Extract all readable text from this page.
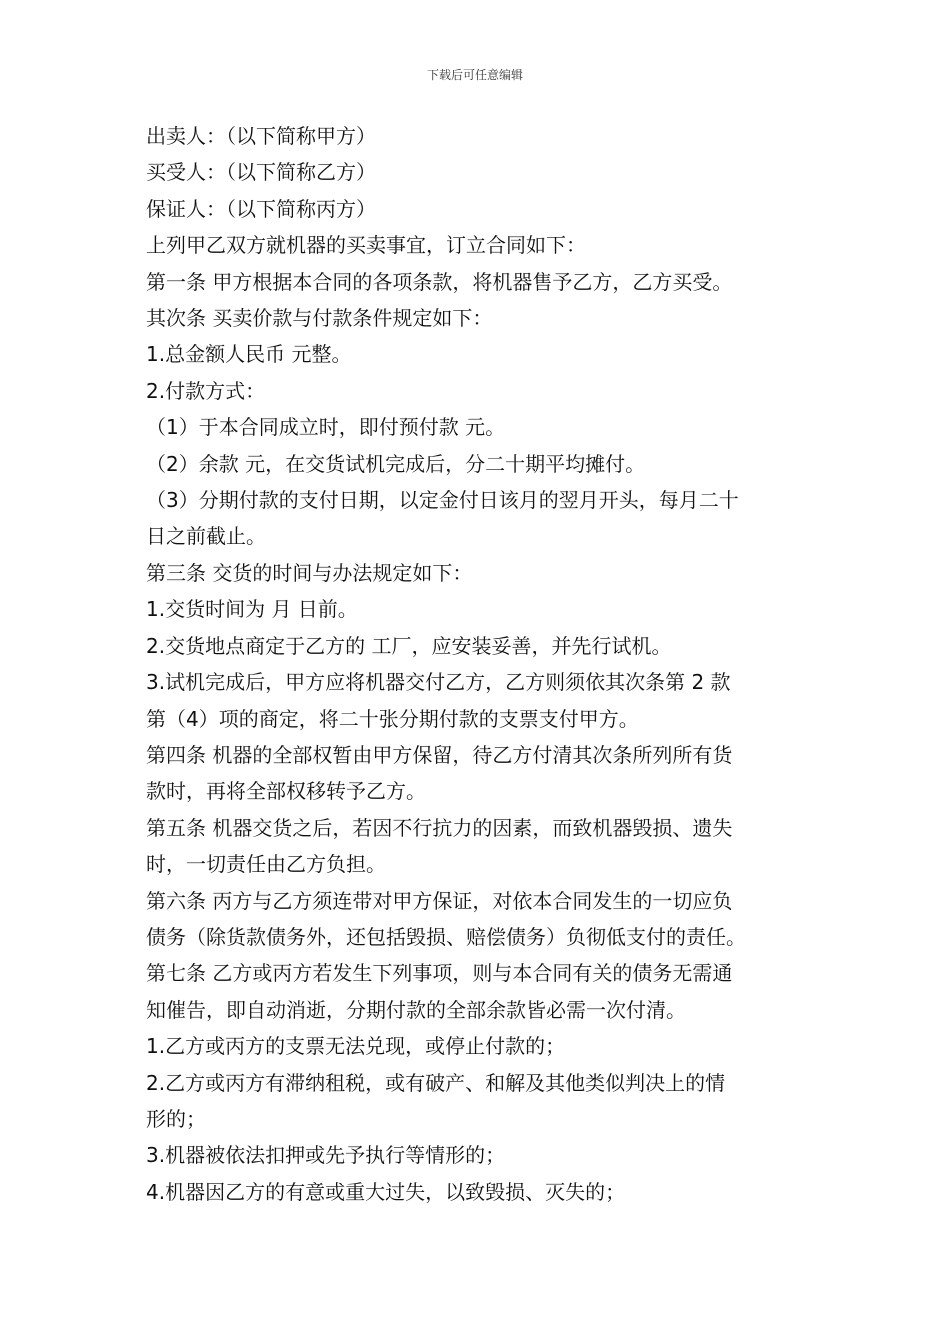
下载后可任意编辑

出卖人：（以下简称甲方）

买受人：（以下简称乙方）

保证人：（以下简称丙方）

上列甲乙双方就机器的买卖事宜，订立合同如下：

第一条 甲方根据本合同的各项条款，将机器售予乙方，乙方买受。

其次条 买卖价款与付款条件规定如下：

1.总金额人民币 元整。

2.付款方式：

（1）于本合同成立时，即付预付款 元。

（2）余款 元，在交货试机完成后，分二十期平均摊付。

（3）分期付款的支付日期，以定金付日该月的翌月开头，每月二十

日之前截止。

第三条 交货的时间与办法规定如下：

1.交货时间为 月 日前。

2.交货地点商定于乙方的 工厂，应安装妥善，并先行试机。

3.试机完成后，甲方应将机器交付乙方，乙方则须依其次条第 2 款

第（4）项的商定，将二十张分期付款的支票支付甲方。

第四条 机器的全部权暂由甲方保留，待乙方付清其次条所列所有货

款时，再将全部权移转予乙方。

第五条 机器交货之后，若因不行抗力的因素，而致机器毁损、遗失

时，一切责任由乙方负担。

第六条 丙方与乙方须连带对甲方保证，对依本合同发生的一切应负

债务（除货款债务外，还包括毁损、赔偿债务）负彻低支付的责任。

第七条 乙方或丙方若发生下列事项，则与本合同有关的债务无需通

知催告，即自动消逝，分期付款的全部余款皆必需一次付清。

1.乙方或丙方的支票无法兑现，或停止付款的；

2.乙方或丙方有滞纳租税，或有破产、和解及其他类似判决上的情

形的；

3.机器被依法扣押或先予执行等情形的；

4.机器因乙方的有意或重大过失，以致毁损、灭失的；
